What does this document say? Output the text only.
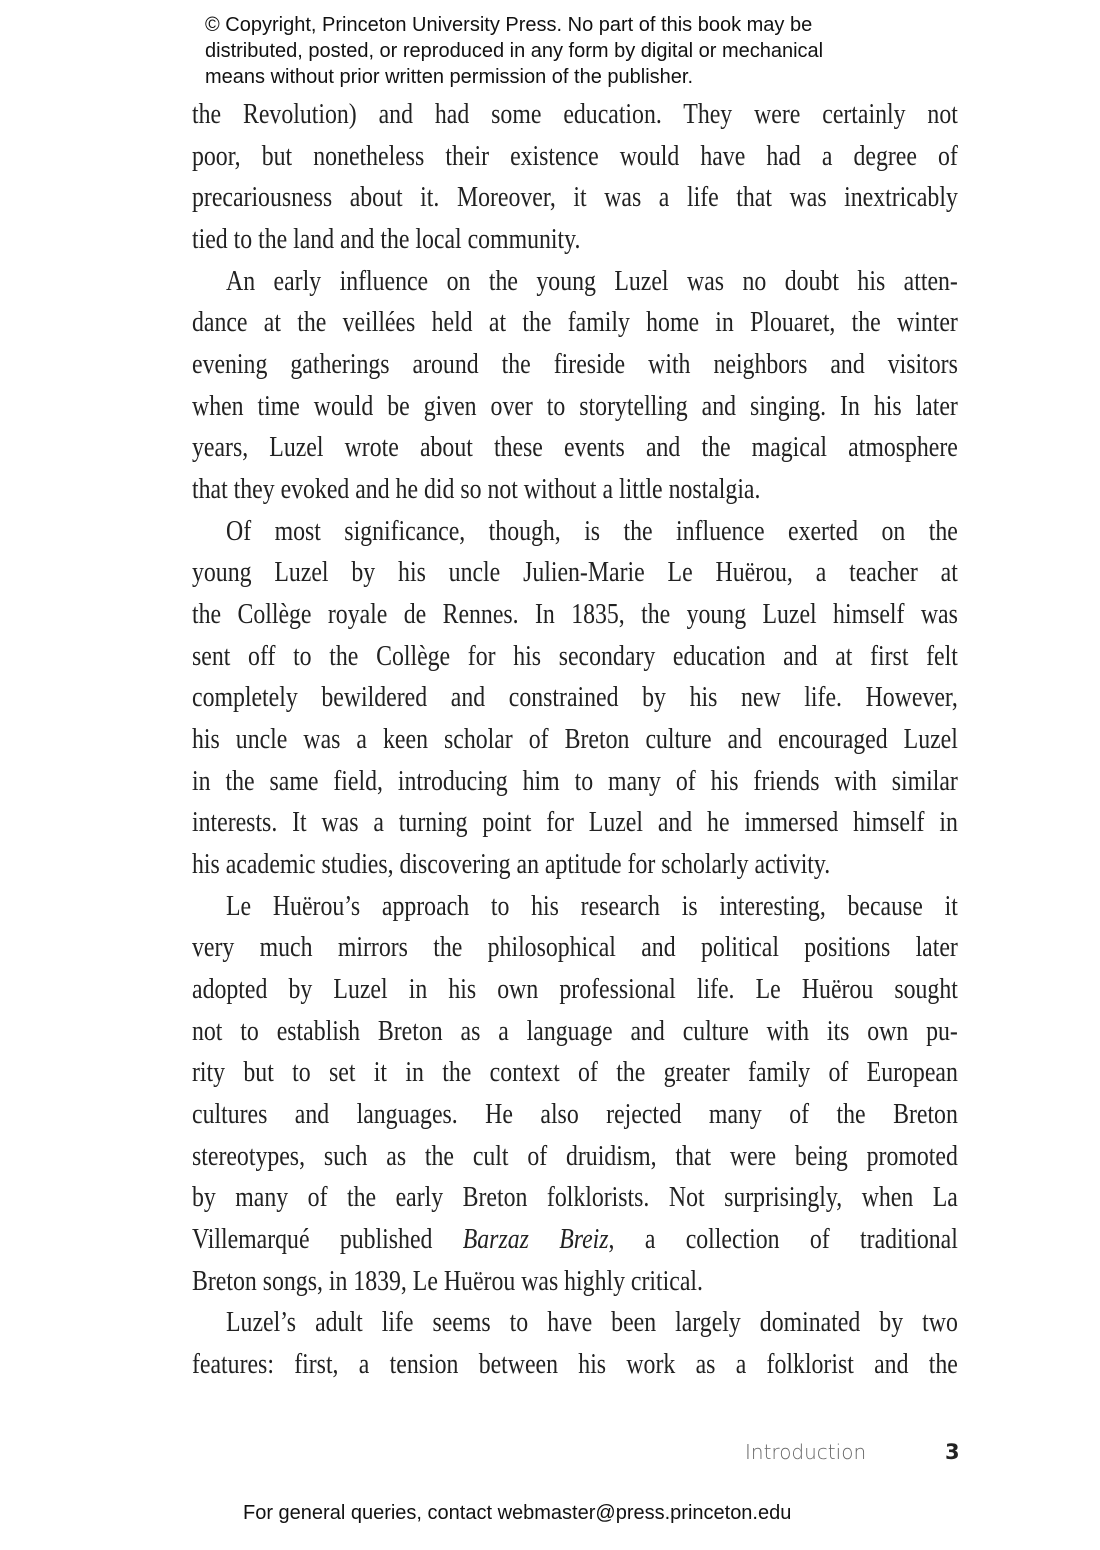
© Copyright, Princeton University Press. No part of this book may be
distributed, posted, or reproduced in any form by digital or mechanical
means without prior written permission of the publisher.
the Revolution) and had some education. They were certainly not
poor, but nonetheless their existence would have had a degree of
precariousness about it. Moreover, it was a life that was inextricably
tied to the land and the local community.
An early influence on the young Luzel was no doubt his atten-
dance at the veillées held at the family home in Plouaret, the winter
evening gatherings around the fireside with neighbors and visitors
when time would be given over to storytelling and singing. In his later
years, Luzel wrote about these events and the magical atmosphere
that they evoked and he did so not without a little nostalgia.
Of most significance, though, is the influence exerted on the
young Luzel by his uncle Julien-Marie Le Huërou, a teacher at
the Collège royale de Rennes. In 1835, the young Luzel himself was
sent off to the Collège for his secondary education and at first felt
completely bewildered and constrained by his new life. However,
his uncle was a keen scholar of Breton culture and encouraged Luzel
in the same field, introducing him to many of his friends with similar
interests. It was a turning point for Luzel and he immersed himself in
his academic studies, discovering an aptitude for scholarly activity.
Le Huërou’s approach to his research is interesting, because it
very much mirrors the philosophical and political positions later
adopted by Luzel in his own professional life. Le Huërou sought
not to establish Breton as a language and culture with its own pu-
rity but to set it in the context of the greater family of European
cultures and languages. He also rejected many of the Breton
stereotypes, such as the cult of druidism, that were being promoted
by many of the early Breton folklorists. Not surprisingly, when La
Villemarqué published Barzaz Breiz, a collection of traditional
Breton songs, in 1839, Le Huërou was highly critical.
Luzel’s adult life seems to have been largely dominated by two
features: first, a tension between his work as a folklorist and the
Introduction	3
For general queries, contact webmaster@press.princeton.edu
